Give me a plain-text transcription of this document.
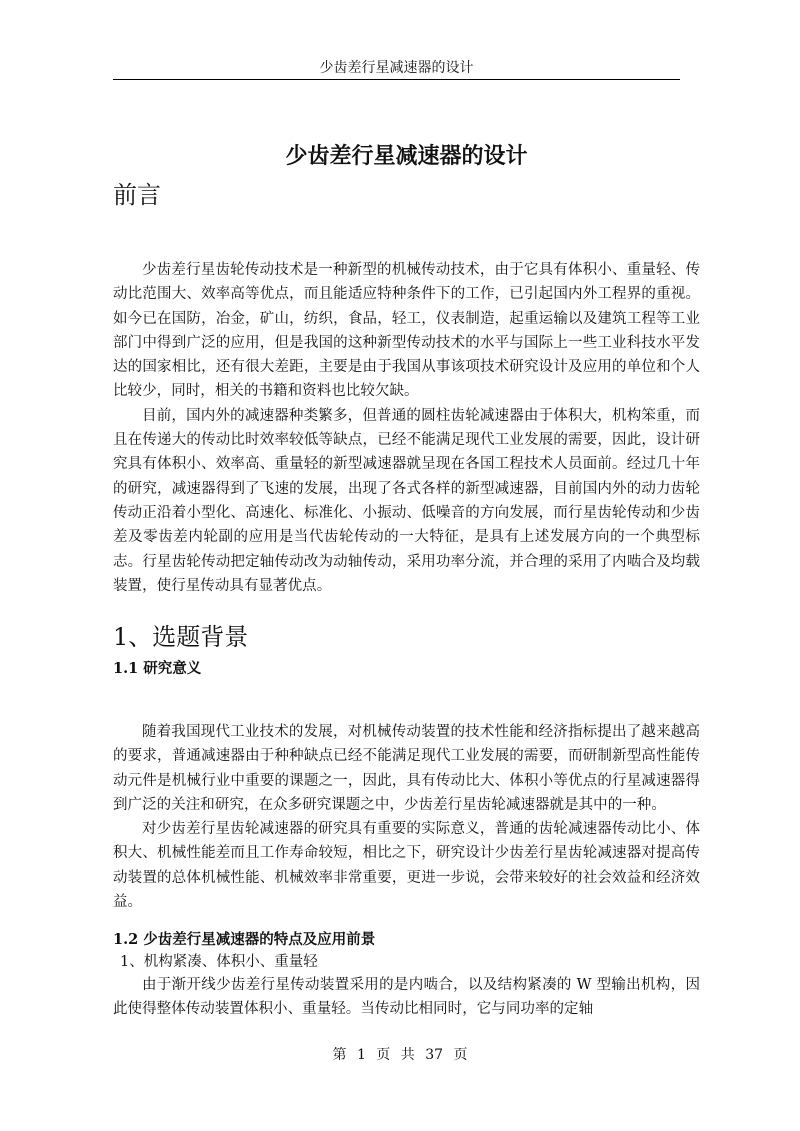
少齿差行星减速器的设计
少齿差行星减速器的设计
前言

少齿差行星齿轮传动技术是一种新型的机械传动技术，由于它具有体积小、重量轻、传动比范围大、效率高等优点，而且能适应特种条件下的工作，已引起国内外工程界的重视。如今已在国防，冶金，矿山，纺织，食品，轻工，仪表制造，起重运输以及建筑工程等工业部门中得到广泛的应用，但是我国的这种新型传动技术的水平与国际上一些工业科技水平发达的国家相比，还有很大差距，主要是由于我国从事该项技术研究设计及应用的单位和个人比较少，同时，相关的书籍和资料也比较欠缺。

目前，国内外的减速器种类繁多，但普通的圆柱齿轮减速器由于体积大，机构笨重，而且在传递大的传动比时效率较低等缺点，已经不能满足现代工业发展的需要，因此，设计研究具有体积小、效率高、重量轻的新型减速器就呈现在各国工程技术人员面前。经过几十年的研究，减速器得到了飞速的发展，出现了各式各样的新型减速器，目前国内外的动力齿轮传动正沿着小型化、高速化、标准化、小振动、低噪音的方向发展，而行星齿轮传动和少齿差及零齿差内轮副的应用是当代齿轮传动的一大特征，是具有上述发展方向的一个典型标志。行星齿轮传动把定轴传动改为动轴传动，采用功率分流，并合理的采用了内啮合及均载装置，使行星传动具有显著优点。

1、选题背景
1.1 研究意义

随着我国现代工业技术的发展，对机械传动装置的技术性能和经济指标提出了越来越高的要求，普通减速器由于种种缺点已经不能满足现代工业发展的需要，而研制新型高性能传动元件是机械行业中重要的课题之一，因此，具有传动比大、体积小等优点的行星减速器得到广泛的关注和研究，在众多研究课题之中，少齿差行星齿轮减速器就是其中的一种。

对少齿差行星齿轮减速器的研究具有重要的实际意义，普通的齿轮减速器传动比小、体积大、机械性能差而且工作寿命较短，相比之下，研究设计少齿差行星齿轮减速器对提高传动装置的总体机械性能、机械效率非常重要，更进一步说，会带来较好的社会效益和经济效益。

1.2 少齿差行星减速器的特点及应用前景
1、机构紧凑、体积小、重量轻

由于渐开线少齿差行星传动装置采用的是内啮合，以及结构紧凑的 W 型输出机构，因此使得整体传动装置体积小、重量轻。当传动比相同时，它与同功率的定轴

第 1 页 共 37 页
